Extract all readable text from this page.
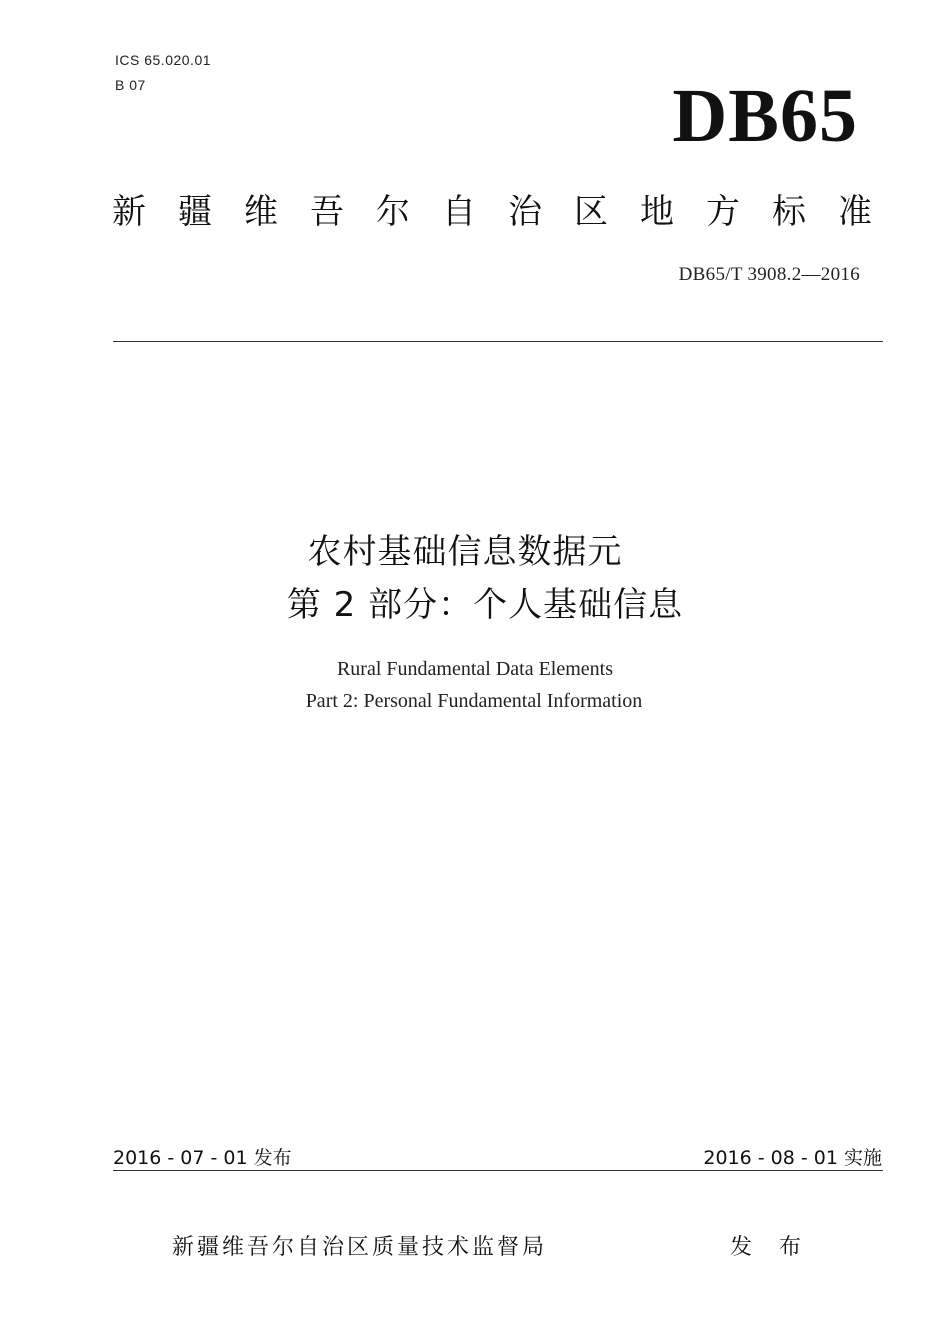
ICS 65.020.01
B 07	DB65
新 疆 维 吾 尔 自 治 区 地 方 标 准
DB65/T 3908.2—2016
农村基础信息数据元
第 2 部分：个人基础信息
Rural Fundamental Data Elements
Part 2: Personal Fundamental Information
2016 - 07 - 01 发布	2016 - 08 - 01 实施
新疆维吾尔自治区质量技术监督局	发 布
